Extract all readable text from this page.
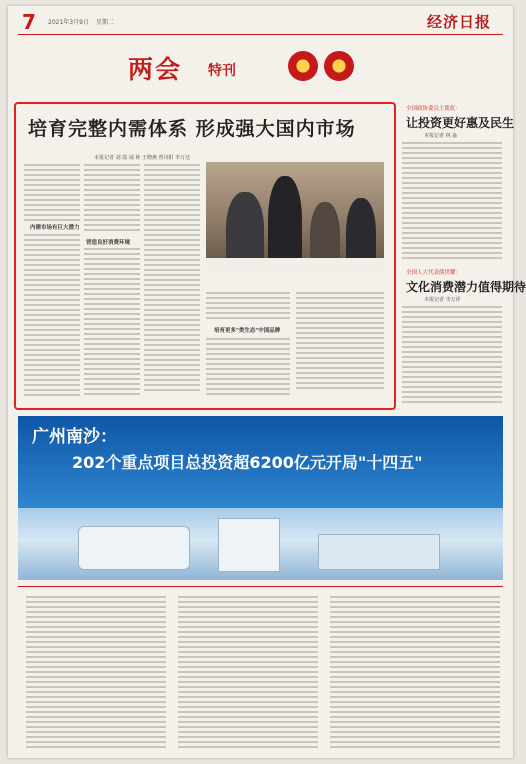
7 2021年3月9日 星期二	经济日报
两会 特刊
培育完整内需体系 形成强大国内市场
本报记者 刘 霞 闹 林 王晓燕 曾诗阳 李万达
内需市场有巨大潜力
营造良好消费环境
培育更多"类生态"中国品牌
全国政协委员王凯虹：
让投资更好惠及民生
本报记者 林 淼
全国人大代表熊世耀：
文化消费潜力值得期待
本报记者 李万祥
广州南沙：
202个重点项目总投资超6200亿元开局"十四五"
